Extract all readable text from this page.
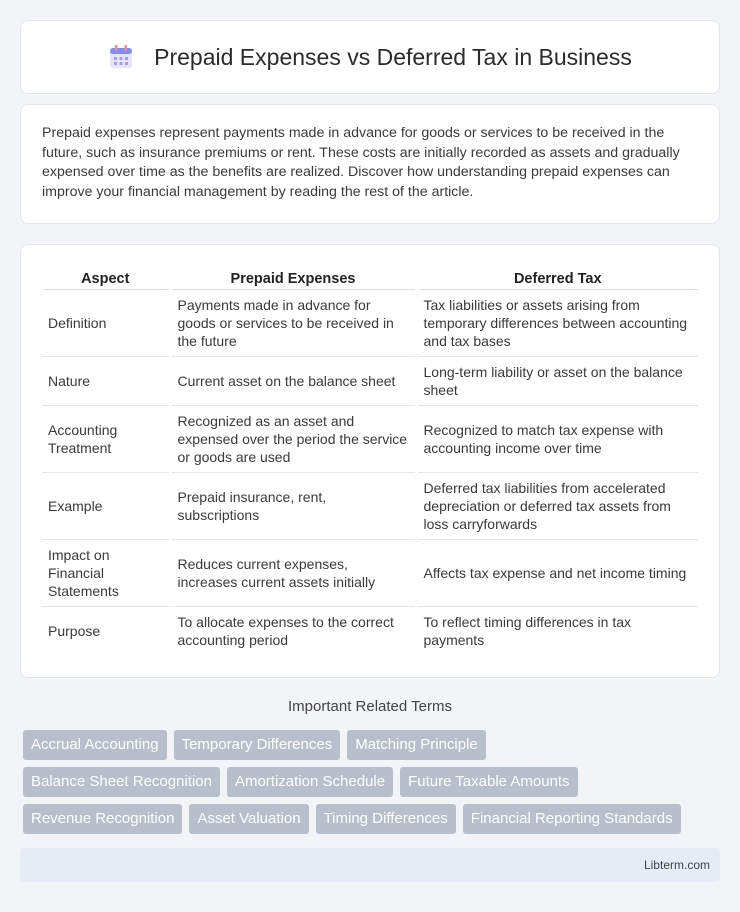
Prepaid Expenses vs Deferred Tax in Business

Prepaid expenses represent payments made in advance for goods or services to be received in the future, such as insurance premiums or rent. These costs are initially recorded as assets and gradually expensed over time as the benefits are realized. Discover how understanding prepaid expenses can improve your financial management by reading the rest of the article.

Aspect	Prepaid Expenses	Deferred Tax
Definition	Payments made in advance for goods or services to be received in the future	Tax liabilities or assets arising from temporary differences between accounting and tax bases
Nature	Current asset on the balance sheet	Long-term liability or asset on the balance sheet
Accounting Treatment	Recognized as an asset and expensed over the period the service or goods are used	Recognized to match tax expense with accounting income over time
Example	Prepaid insurance, rent, subscriptions	Deferred tax liabilities from accelerated depreciation or deferred tax assets from loss carryforwards
Impact on Financial Statements	Reduces current expenses, increases current assets initially	Affects tax expense and net income timing
Purpose	To allocate expenses to the correct accounting period	To reflect timing differences in tax payments
Important Related Terms
Accrual Accounting	Temporary Differences	Matching Principle
Balance Sheet Recognition	Amortization Schedule	Future Taxable Amounts
Revenue Recognition	Asset Valuation	Timing Differences	Financial Reporting Standards
Libterm.com
